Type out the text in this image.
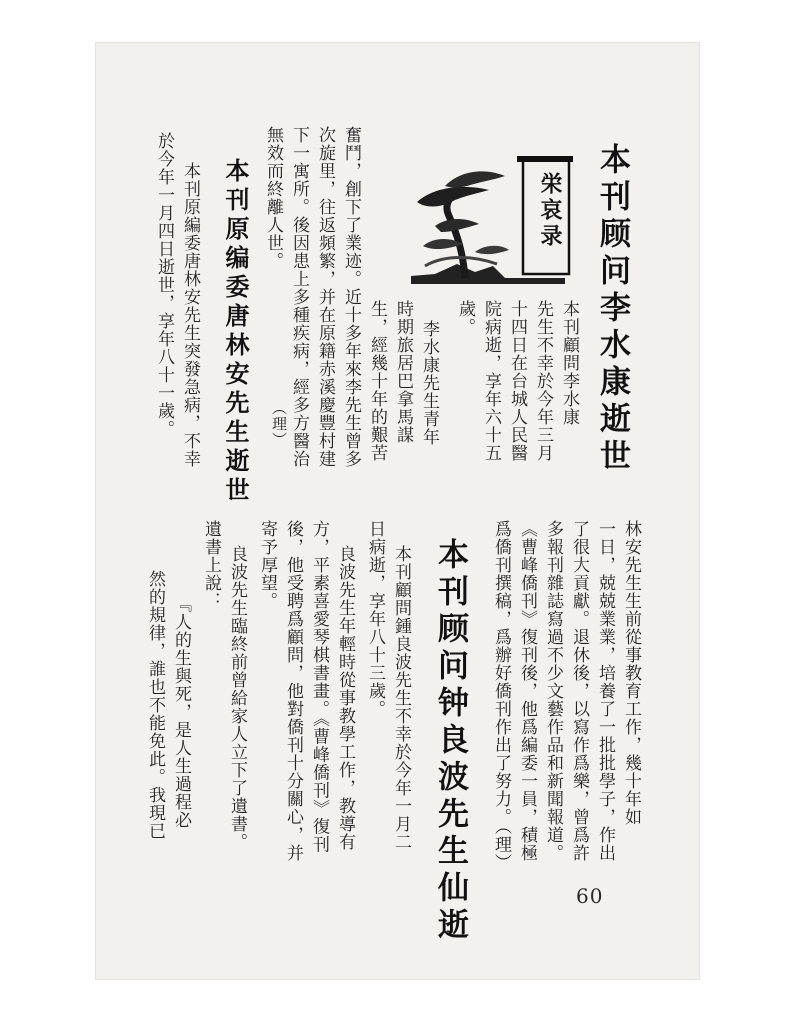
本刊顾问李水康逝世
栄哀录
本刊顧問李水康
先生不幸於今年三月
十四日在台城人民醫
院病逝，享年六十五
歲。
李水康先生青年
時期旅居巴拿馬謀
生，經幾十年的艱苦
奮鬥，創下了業迹。近十多年來李先生曾多
次旋里，往返頻繁，并在原籍赤溪慶豐村建
下一寓所。後因患上多種疾病，經多方醫治
無效而終離人世。
（理）
本刊原编委唐林安先生逝世
本刊原編委唐林安先生突發急病，不幸
於今年一月四日逝世，享年八十一歲。
林安先生生前從事教育工作，幾十年如
一日，兢兢業業，培養了一批批學子，作出
了很大貢獻。退休後，以寫作爲樂，曾爲許
多報刊雜誌寫過不少文藝作品和新聞報道。
《曹峰僑刊》復刊後，他爲編委一員，積極
爲僑刊撰稿，爲辦好僑刊作出了努力。（理）
本刊顾问钟良波先生仙逝
本刊顧問鍾良波先生不幸於今年一月二
日病逝，享年八十三歲。
良波先生年輕時從事教學工作，教導有
方，平素喜愛琴棋書畫。《曹峰僑刊》復刊
後，他受聘爲顧問，他對僑刊十分關心，并
寄予厚望。
良波先生臨終前曾給家人立下了遺書。
遺書上說：
『人的生與死，是人生過程必
然的規律，誰也不能免此。我現已
60
